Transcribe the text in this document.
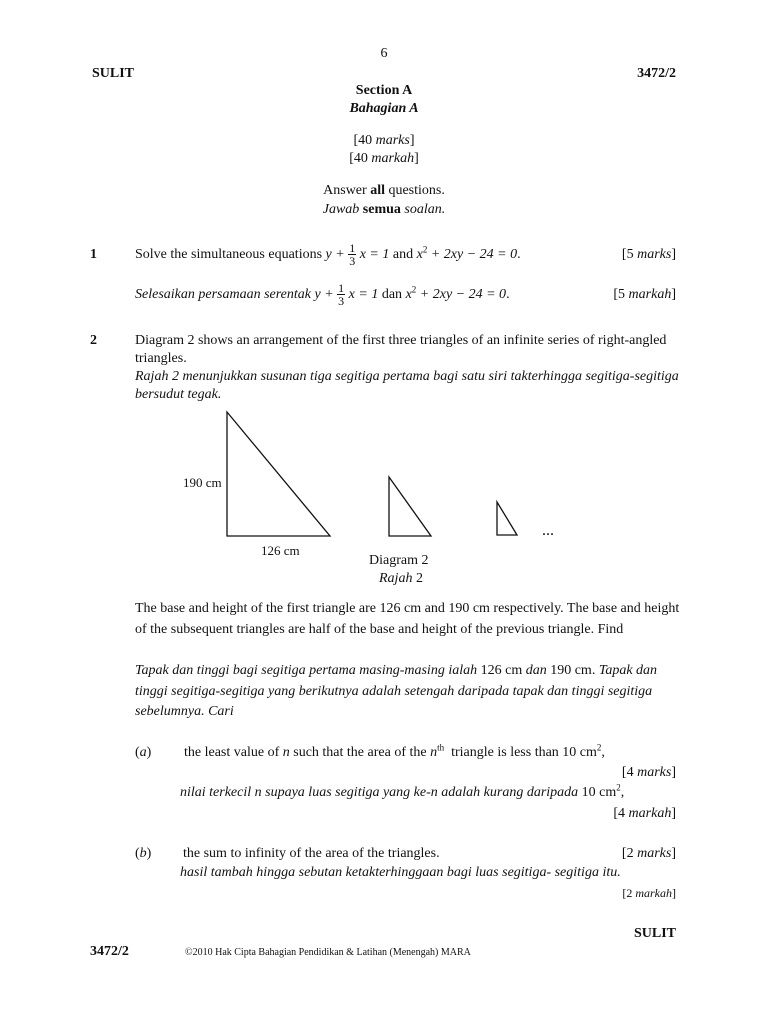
6
SULIT	3472/2
Section A
Bahagian A
[40 marks]
[40 markah]
Answer all questions.
Jawab semua soalan.
1	Solve the simultaneous equations $y + \frac{1}{3}$ x = 1 and $x^2 + 2xy - 24 = 0$.	[5 marks]
Selesaikan persamaan serentak $y + \frac{1}{3}$ x = 1 dan $x^2 + 2xy - 24 = 0$.	[5 markah]
2	Diagram 2 shows an arrangement of the first three triangles of an infinite series of right-angled triangles.
Rajah 2 menunjukkan susunan tiga segitiga pertama bagi satu siri takterhingga segitiga-segitiga bersudut tegak.
190 cm
126 cm
...
Diagram 2
Rajah 2
The base and height of the first triangle are 126 cm and 190 cm respectively. The base and height of the subsequent triangles are half of the base and height of the previous triangle. Find
Tapak dan tinggi bagi segitiga pertama masing-masing ialah 126 cm dan 190 cm. Tapak dan tinggi segitiga-segitiga yang berikutnya adalah setengah daripada tapak dan tinggi segitiga sebelumnya. Cari
(a) the least value of n such that the area of the $n^{th}$ triangle is less than 10 $cm^2$,
[4 marks]
nilai terkecil n supaya luas segitiga yang ke-n adalah kurang daripada 10 $cm^2$,
[4 markah]
(b) the sum to infinity of the area of the triangles.	[2 marks]
hasil tambah hingga sebutan ketakterhinggaan bagi luas segitiga- segitiga itu.
[2 markah]
SULIT
3472/2	©2010 Hak Cipta Bahagian Pendidikan & Latihan (Menengah) MARA
